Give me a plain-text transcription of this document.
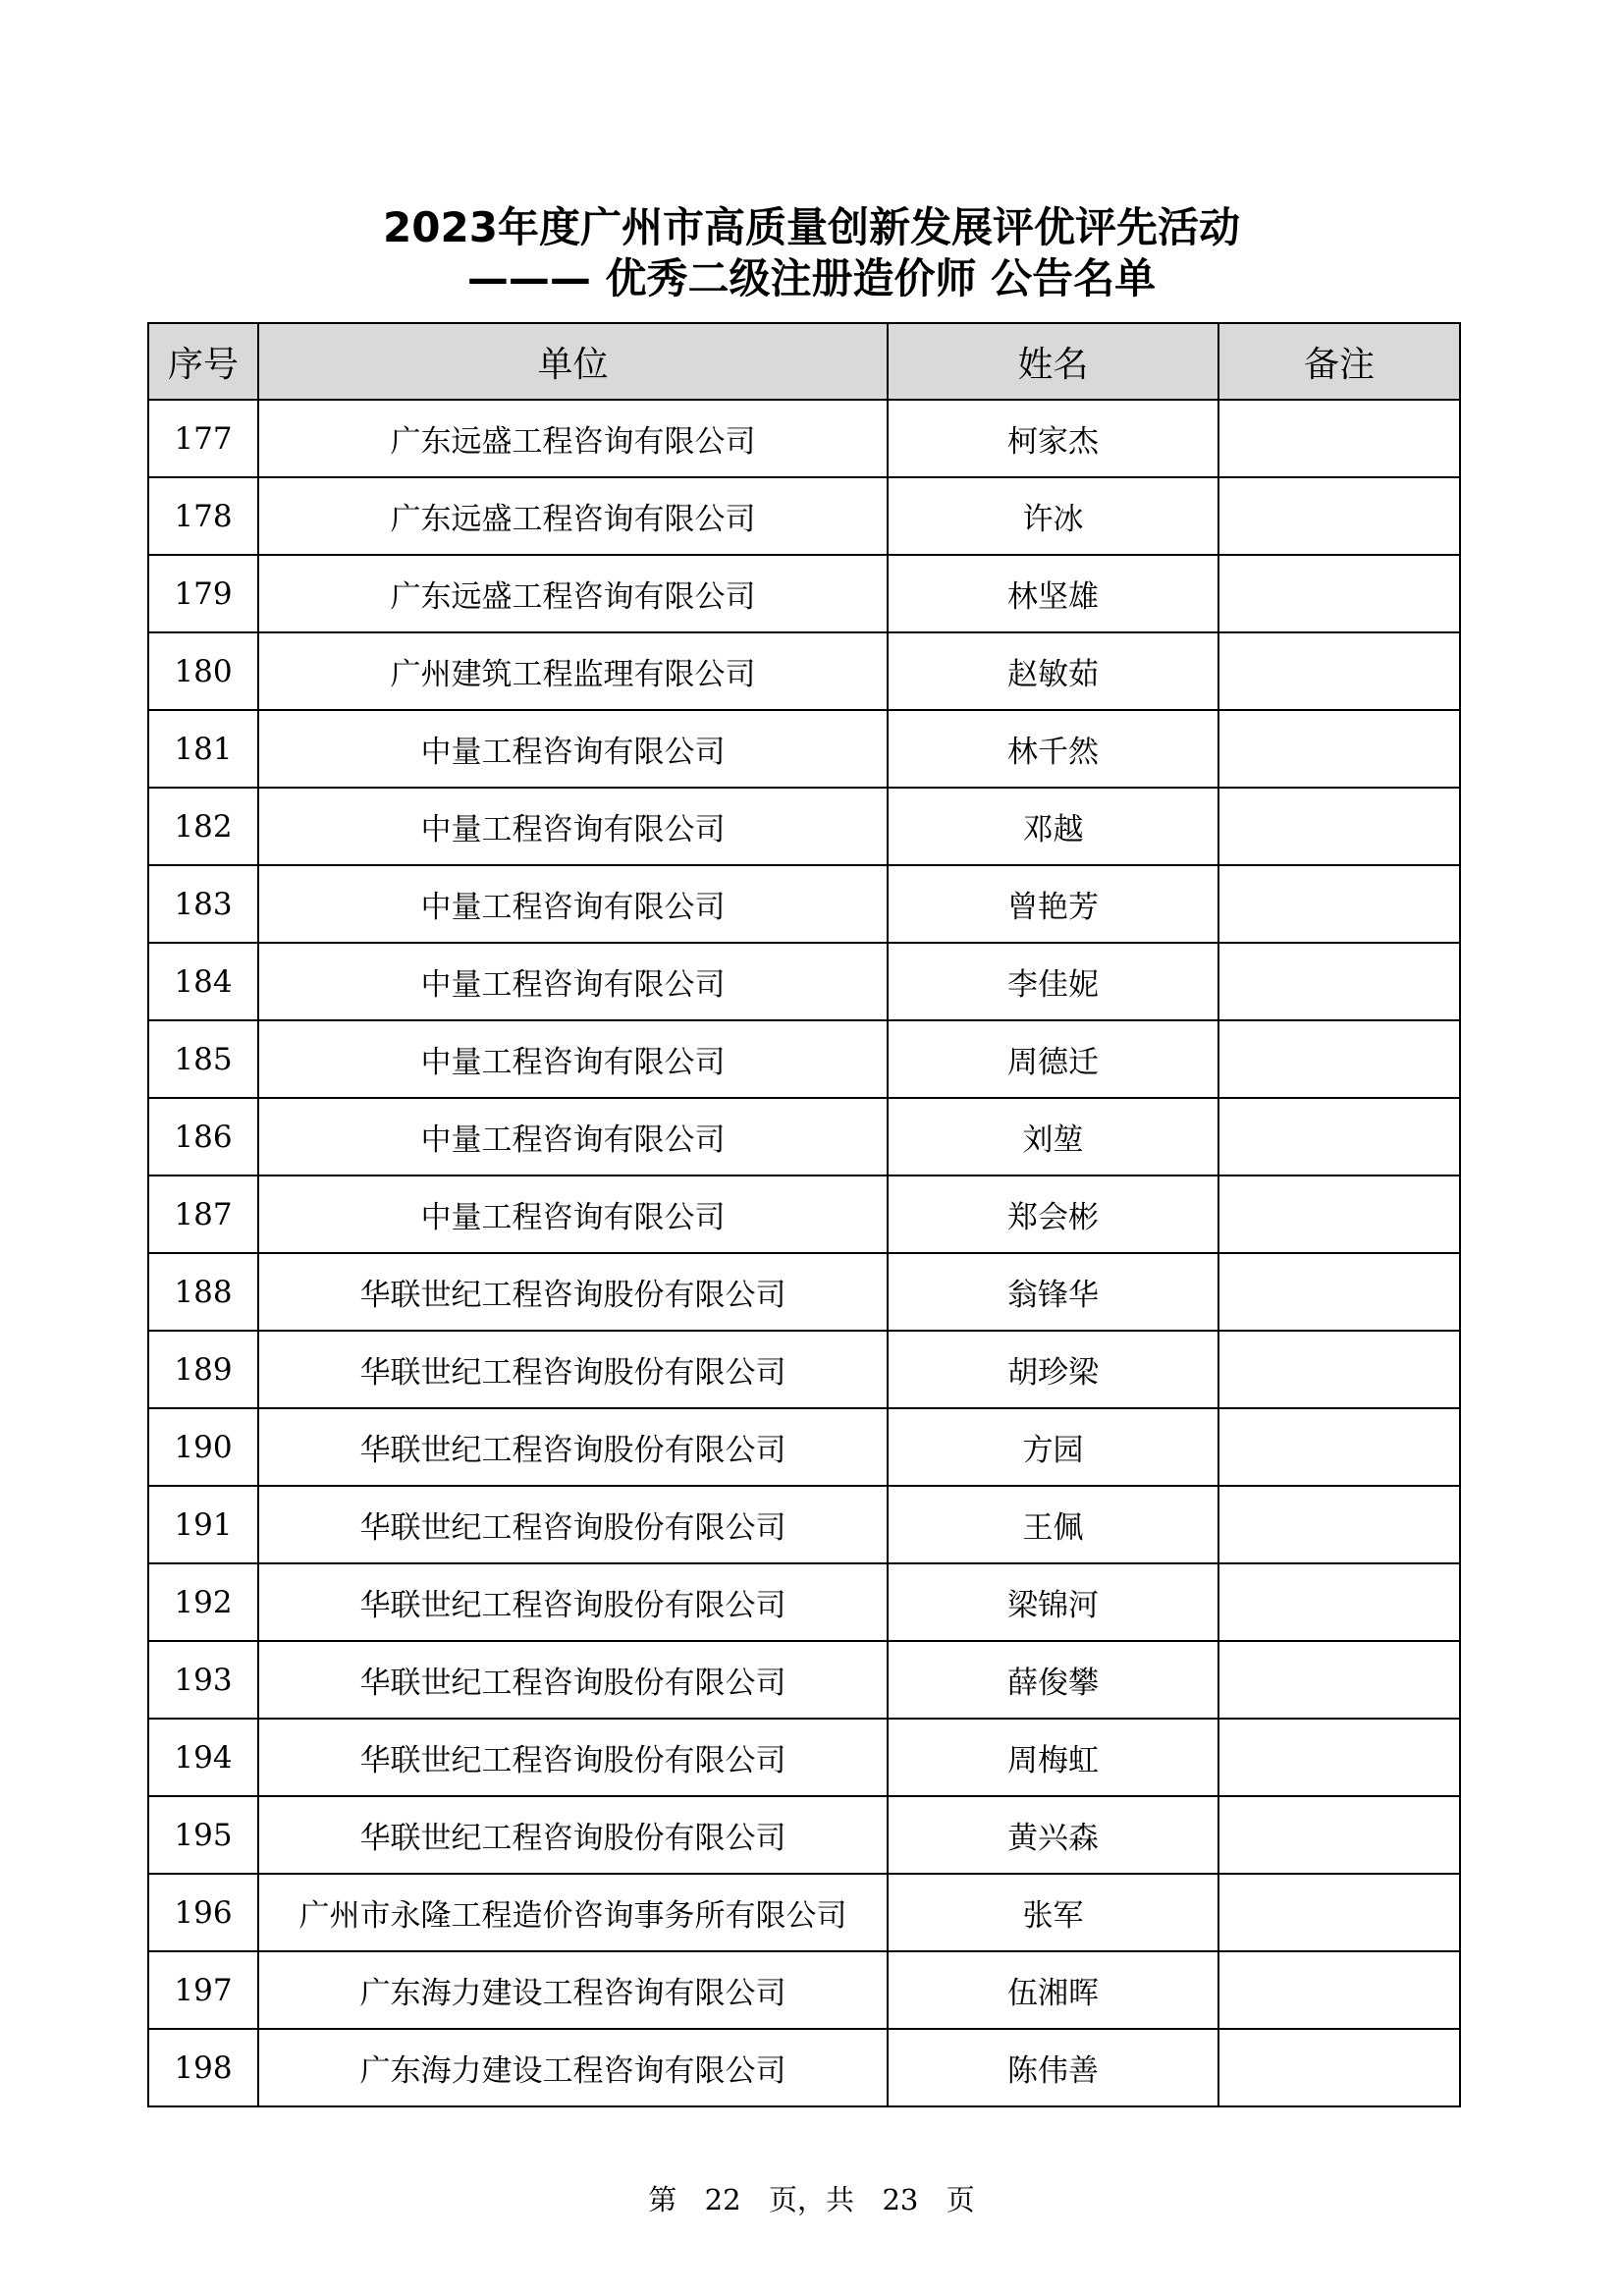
2023年度广州市高质量创新发展评优评先活动
——— 优秀二级注册造价师 公告名单
序号	单位	姓名	备注
177	广东远盛工程咨询有限公司	柯家杰	
178	广东远盛工程咨询有限公司	许冰	
179	广东远盛工程咨询有限公司	林坚雄	
180	广州建筑工程监理有限公司	赵敏茹	
181	中量工程咨询有限公司	林千然	
182	中量工程咨询有限公司	邓越	
183	中量工程咨询有限公司	曾艳芳	
184	中量工程咨询有限公司	李佳妮	
185	中量工程咨询有限公司	周德迁	
186	中量工程咨询有限公司	刘堃	
187	中量工程咨询有限公司	郑会彬	
188	华联世纪工程咨询股份有限公司	翁锋华	
189	华联世纪工程咨询股份有限公司	胡珍梁	
190	华联世纪工程咨询股份有限公司	方园	
191	华联世纪工程咨询股份有限公司	王佩	
192	华联世纪工程咨询股份有限公司	梁锦河	
193	华联世纪工程咨询股份有限公司	薛俊攀	
194	华联世纪工程咨询股份有限公司	周梅虹	
195	华联世纪工程咨询股份有限公司	黄兴森	
196	广州市永隆工程造价咨询事务所有限公司	张军	
197	广东海力建设工程咨询有限公司	伍湘晖	
198	广东海力建设工程咨询有限公司	陈伟善	
第 22 页，共 23 页
